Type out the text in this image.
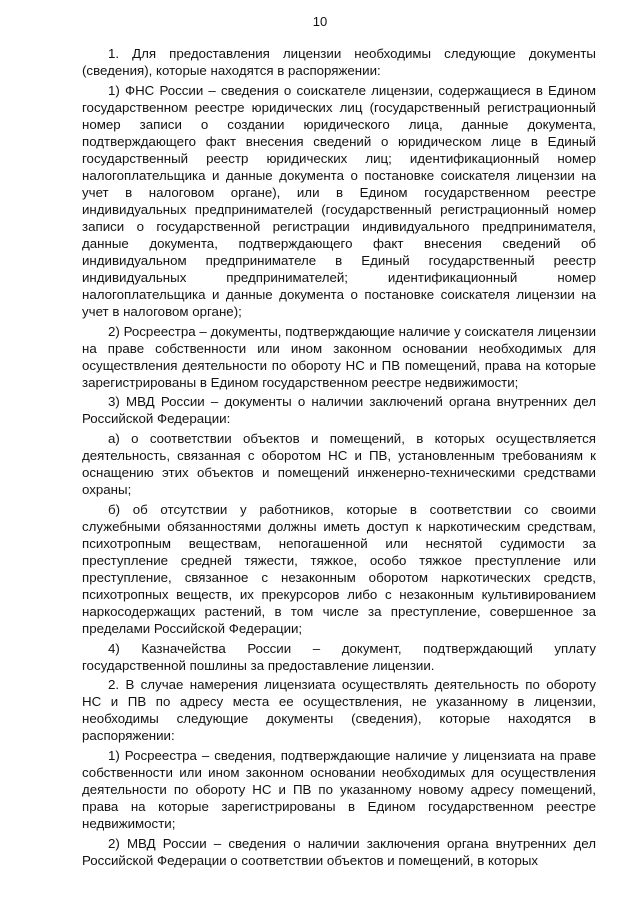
10

1. Для предоставления лицензии необходимы следующие документы (сведения), которые находятся в распоряжении:

1) ФНС России – сведения о соискателе лицензии, содержащиеся в Едином государственном реестре юридических лиц (государственный регистрационный номер записи о создании юридического лица, данные документа, подтверждающего факт внесения сведений о юридическом лице в Единый государственный реестр юридических лиц; идентификационный номер налогоплательщика и данные документа о постановке соискателя лицензии на учет в налоговом органе), или в Едином государственном реестре индивидуальных предпринимателей (государственный регистрационный номер записи о государственной регистрации индивидуального предпринимателя, данные документа, подтверждающего факт внесения сведений об индивидуальном предпринимателе в Единый государственный реестр индивидуальных предпринимателей; идентификационный номер налогоплательщика и данные документа о постановке соискателя лицензии на учет в налоговом органе);

2) Росреестра – документы, подтверждающие наличие у соискателя лицензии на праве собственности или ином законном основании необходимых для осуществления деятельности по обороту НС и ПВ помещений, права на которые зарегистрированы в Едином государственном реестре недвижимости;

3) МВД России – документы о наличии заключений органа внутренних дел Российской Федерации:

а) о соответствии объектов и помещений, в которых осуществляется деятельность, связанная с оборотом НС и ПВ, установленным требованиям к оснащению этих объектов и помещений инженерно-техническими средствами охраны;

б) об отсутствии у работников, которые в соответствии со своими служебными обязанностями должны иметь доступ к наркотическим средствам, психотропным веществам, непогашенной или неснятой судимости за преступление средней тяжести, тяжкое, особо тяжкое преступление или преступление, связанное с незаконным оборотом наркотических средств, психотропных веществ, их прекурсоров либо с незаконным культивированием наркосодержащих растений, в том числе за преступление, совершенное за пределами Российской Федерации;

4) Казначейства России – документ, подтверждающий уплату государственной пошлины за предоставление лицензии.

2. В случае намерения лицензиата осуществлять деятельность по обороту НС и ПВ по адресу места ее осуществления, не указанному в лицензии, необходимы следующие документы (сведения), которые находятся в распоряжении:

1) Росреестра – сведения, подтверждающие наличие у лицензиата на праве собственности или ином законном основании необходимых для осуществления деятельности по обороту НС и ПВ по указанному новому адресу помещений, права на которые зарегистрированы в Едином государственном реестре недвижимости;

2) МВД России – сведения о наличии заключения органа внутренних дел Российской Федерации о соответствии объектов и помещений, в которых
